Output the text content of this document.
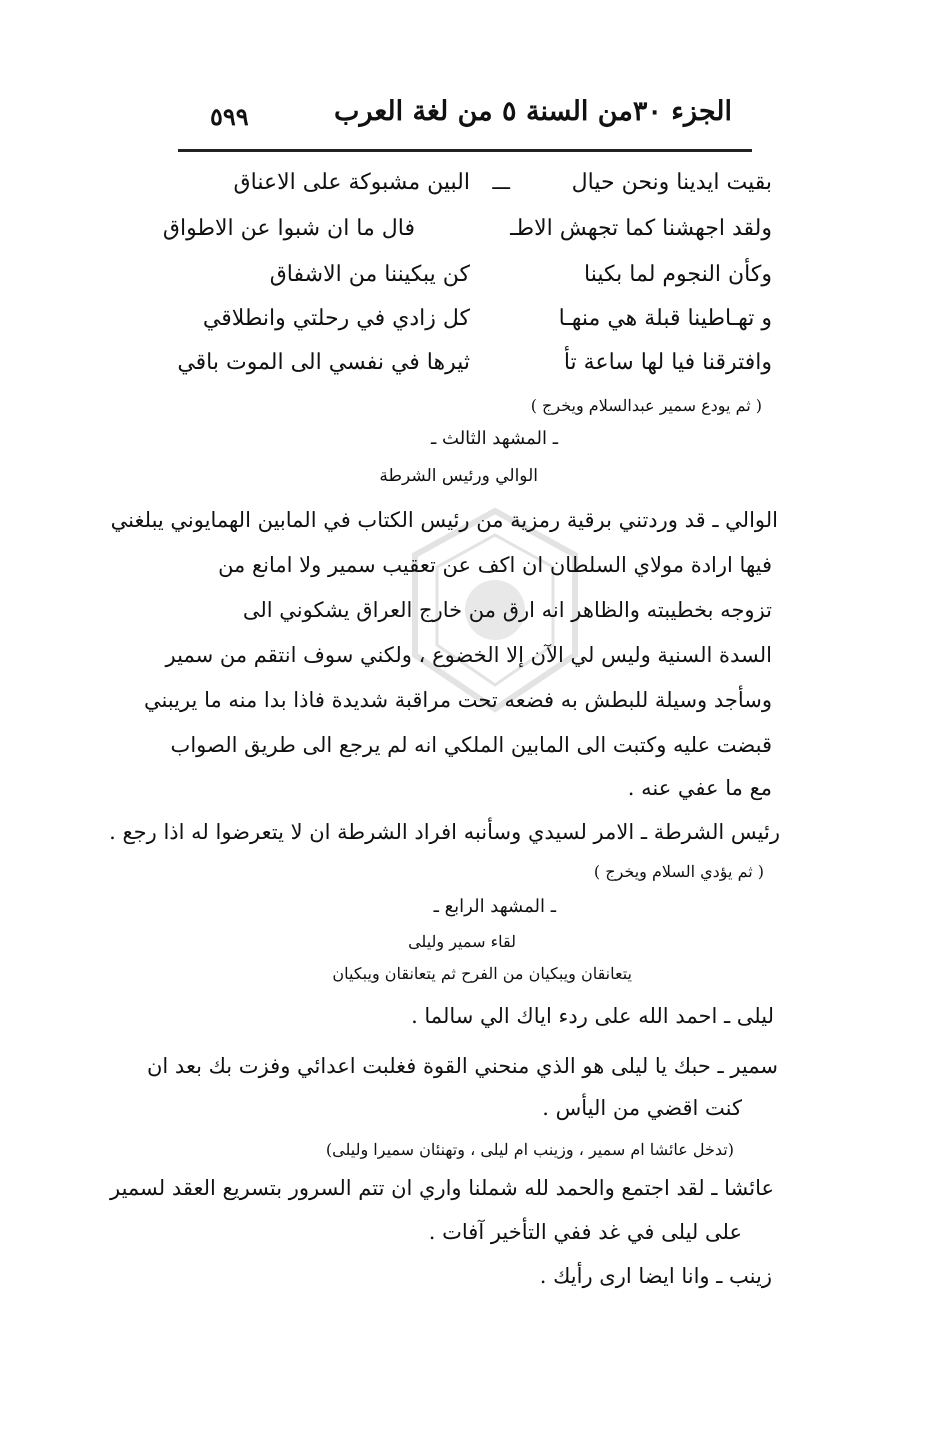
الجزء ٣٠من السنة ٥ من لغة العرب
٥٩٩
بقيت ايدينا ونحن حيال
ـــ
البين مشبوكة على الاعناق
ولقد اجهشنا كما تجهش الاطـ
فال ما ان شبوا عن الاطواق
وكأن النجوم لما بكينا
كن يبكيننا من الاشفاق
و تهـاطينا قبلة هي منهـا
كل زادي في رحلتي وانطلاقي
وافترقنا فيا لها ساعة تأ
ثيرها في نفسي الى الموت باقي
( ثم يودع سمير عبدالسلام ويخرج )
ـ المشهد الثالث ـ
الوالي ورئيس الشرطة
الوالي ـ قد وردتني برقية رمزية من رئيس الكتاب في المابين الهمايوني يبلغني
فيها ارادة مولاي السلطان ان اكف عن تعقيب سمير ولا امانع من
تزوجه بخطيبته والظاهر انه ارق من خارج العراق يشكوني الى
السدة السنية وليس لي الآن إلا الخضوع ، ولكني سوف انتقم من سمير
وسأجد وسيلة للبطش به فضعه تحت مراقبة شديدة فاذا بدا منه ما يريبني
قبضت عليه وكتبت الى المابين الملكي انه لم يرجع الى طريق الصواب
مع ما عفي عنه .
رئيس الشرطة ـ الامر لسيدي وسأنبه افراد الشرطة ان لا يتعرضوا له اذا رجع .
( ثم يؤدي السلام ويخرج )
ـ المشهد الرابع ـ
لقاء سمير وليلى
يتعانقان ويبكيان من الفرح ثم يتعانقان ويبكيان
ليلى ـ احمد الله على ردء اياك الي سالما .
سمير ـ حبك يا ليلى هو الذي منحني القوة فغلبت اعدائي وفزت بك بعد ان
كنت اقضي من اليأس .
(تدخل عائشا ام سمير ، وزينب ام ليلى ، وتهنئان سميرا وليلى)
عائشا ـ لقد اجتمع والحمد لله شملنا واري ان تتم السرور بتسريع العقد لسمير
على ليلى في غد ففي التأخير آفات .
زينب ـ وانا ايضا ارى رأيك .
